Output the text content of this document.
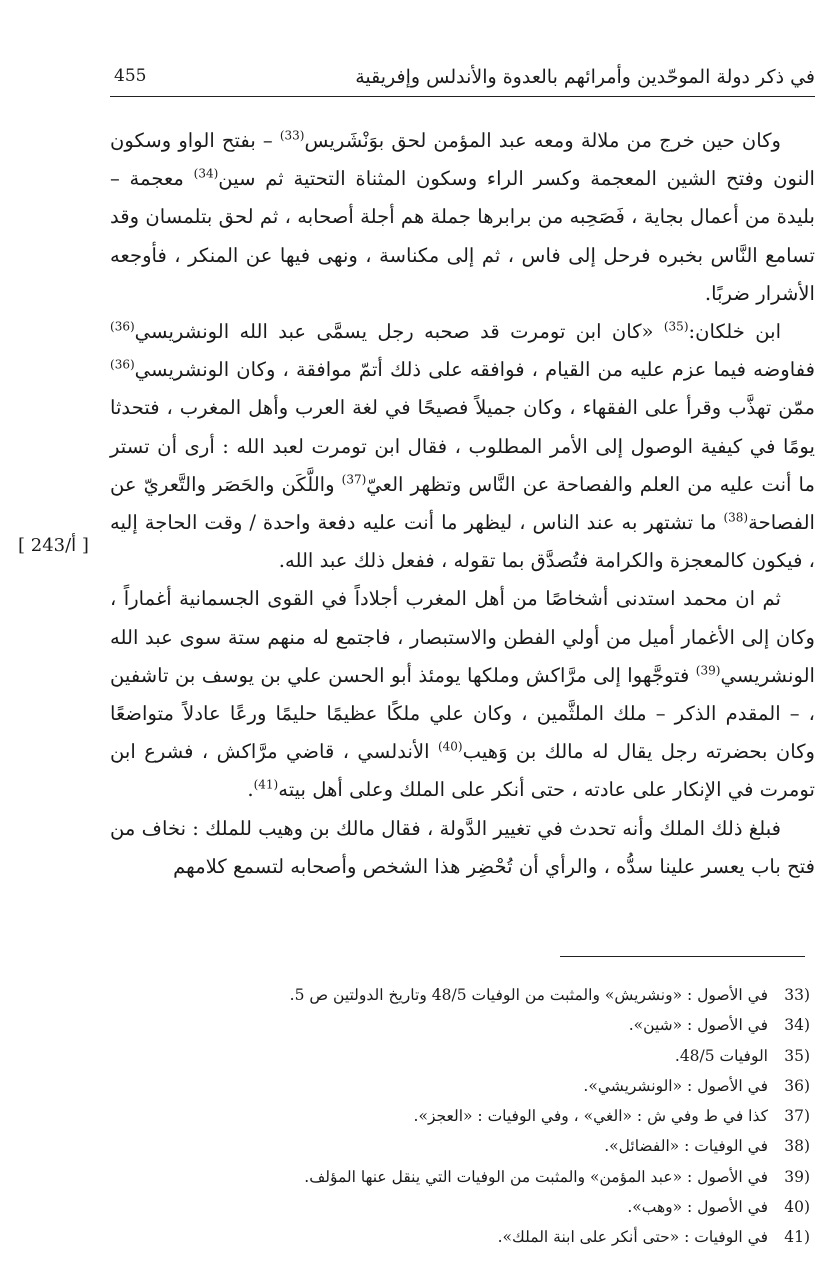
455	في ذكر دولة الموحّدين وأمرائهم بالعدوة والأندلس وإفريقية
[ 243/أ ]

وكان حين خرج من ملالة ومعه عبد المؤمن لحق بوَنْشَريس$^{(33)}$ – بفتح الواو وسكون النون وفتح الشين المعجمة وكسر الراء وسكون المثناة التحتية ثم سين$^{(34)}$ معجمة – بليدة من أعمال بجاية ، فَصَحِبه من برابرها جملة هم أجلة أصحابه ، ثم لحق بتلمسان وقد تسامع النَّاس بخبره فرحل إلى فاس ، ثم إلى مكناسة ، ونهى فيها عن المنكر ، فأوجعه الأشرار ضربًا.

ابن خلكان:$^{(35)}$ «كان ابن تومرت قد صحبه رجل يسمَّى عبد الله الونشريسي$^{(36)}$ ففاوضه فيما عزم عليه من القيام ، فوافقه على ذلك أتمّ موافقة ، وكان الونشريسي$^{(36)}$ ممّن تهذَّب وقرأ على الفقهاء ، وكان جميلاً فصيحًا في لغة العرب وأهل المغرب ، فتحدثا يومًا في كيفية الوصول إلى الأمر المطلوب ، فقال ابن تومرت لعبد الله : أرى أن تستر ما أنت عليه من العلم والفصاحة عن النَّاس وتظهر العيّ$^{(37)}$ واللَّكَن والحَصَر والتَّعريّ عن الفصاحة$^{(38)}$ ما تشتهر به عند الناس ، ليظهر ما أنت عليه دفعة واحدة / وقت الحاجة إليه ، فيكون كالمعجزة والكرامة فتُصدَّق بما تقوله ، ففعل ذلك عبد الله.

ثم ان محمد استدنى أشخاصًا من أهل المغرب أجلاداً في القوى الجسمانية أغماراً ، وكان إلى الأغمار أميل من أولي الفطن والاستبصار ، فاجتمع له منهم ستة سوى عبد الله الونشريسي$^{(39)}$ فتوجَّهوا إلى مرَّاكش وملكها يومئذ أبو الحسن علي بن يوسف بن تاشفين ، – المقدم الذكر – ملك الملثَّمين ، وكان علي ملكًا عظيمًا حليمًا ورعًا عادلاً متواضعًا وكان بحضرته رجل يقال له مالك بن وَهيب$^{(40)}$ الأندلسي ، قاضي مرَّاكش ، فشرع ابن تومرت في الإنكار على عادته ، حتى أنكر على الملك وعلى أهل بيته$^{(41)}$.

فبلغ ذلك الملك وأنه تحدث في تغيير الدَّولة ، فقال مالك بن وهيب للملك : نخاف من فتح باب يعسر علينا سدُّه ، والرأي أن تُحْضِر هذا الشخص وأصحابه لتسمع كلامهم

33)في الأصول : «ونشريش» والمثبت من الوفيات 48/5 وتاريخ الدولتين ص 5.
34)في الأصول : «شين».
35)الوفيات 48/5.
36)في الأصول : «الونشريشي».
37)كذا في ط وفي ش : «الغي» ، وفي الوفيات : «العجز».
38)في الوفيات : «الفضائل».
39)في الأصول : «عبد المؤمن» والمثبت من الوفيات التي ينقل عنها المؤلف.
40)في الأصول : «وهب».
41)في الوفيات : «حتى أنكر على ابنة الملك».
